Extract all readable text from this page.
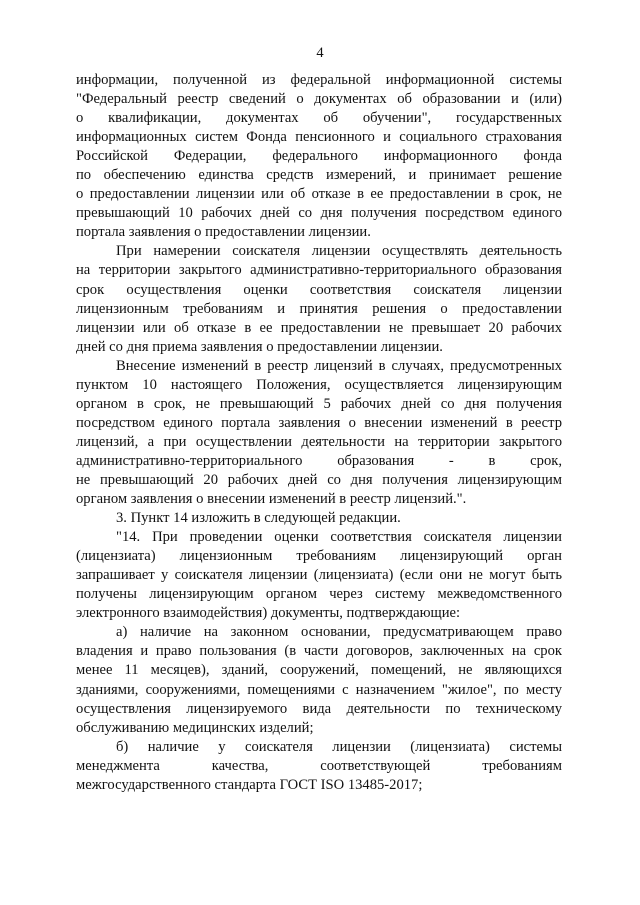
4
информации, полученной из федеральной информационной системы
"Федеральный реестр сведений о документах об образовании и (или)
о квалификации, документах об обучении", государственных
информационных систем Фонда пенсионного и социального страхования
Российской Федерации, федерального информационного фонда
по обеспечению единства средств измерений, и принимает решение
о предоставлении лицензии или об отказе в ее предоставлении в срок, не
превышающий 10 рабочих дней со дня получения посредством единого
портала заявления о предоставлении лицензии.
При намерении соискателя лицензии осуществлять деятельность
на территории закрытого административно-территориального образования
срок осуществления оценки соответствия соискателя лицензии
лицензионным требованиям и принятия решения о предоставлении
лицензии или об отказе в ее предоставлении не превышает 20 рабочих
дней со дня приема заявления о предоставлении лицензии.
Внесение изменений в реестр лицензий в случаях, предусмотренных
пунктом 10 настоящего Положения, осуществляется лицензирующим
органом в срок, не превышающий 5 рабочих дней со дня получения
посредством единого портала заявления о внесении изменений в реестр
лицензий, а при осуществлении деятельности на территории закрытого
административно-территориального образования - в срок,
не превышающий 20 рабочих дней со дня получения лицензирующим
органом заявления о внесении изменений в реестр лицензий.".
3. Пункт 14 изложить в следующей редакции.
"14. При проведении оценки соответствия соискателя лицензии
(лицензиата) лицензионным требованиям лицензирующий орган
запрашивает у соискателя лицензии (лицензиата) (если они не могут быть
получены лицензирующим органом через систему межведомственного
электронного взаимодействия) документы, подтверждающие:
а) наличие на законном основании, предусматривающем право
владения и право пользования (в части договоров, заключенных на срок
менее 11 месяцев), зданий, сооружений, помещений, не являющихся
зданиями, сооружениями, помещениями с назначением "жилое", по месту
осуществления лицензируемого вида деятельности по техническому
обслуживанию медицинских изделий;
б) наличие у соискателя лицензии (лицензиата) системы
менеджмента качества, соответствующей требованиям
межгосударственного стандарта ГОСТ ISO 13485-2017;
